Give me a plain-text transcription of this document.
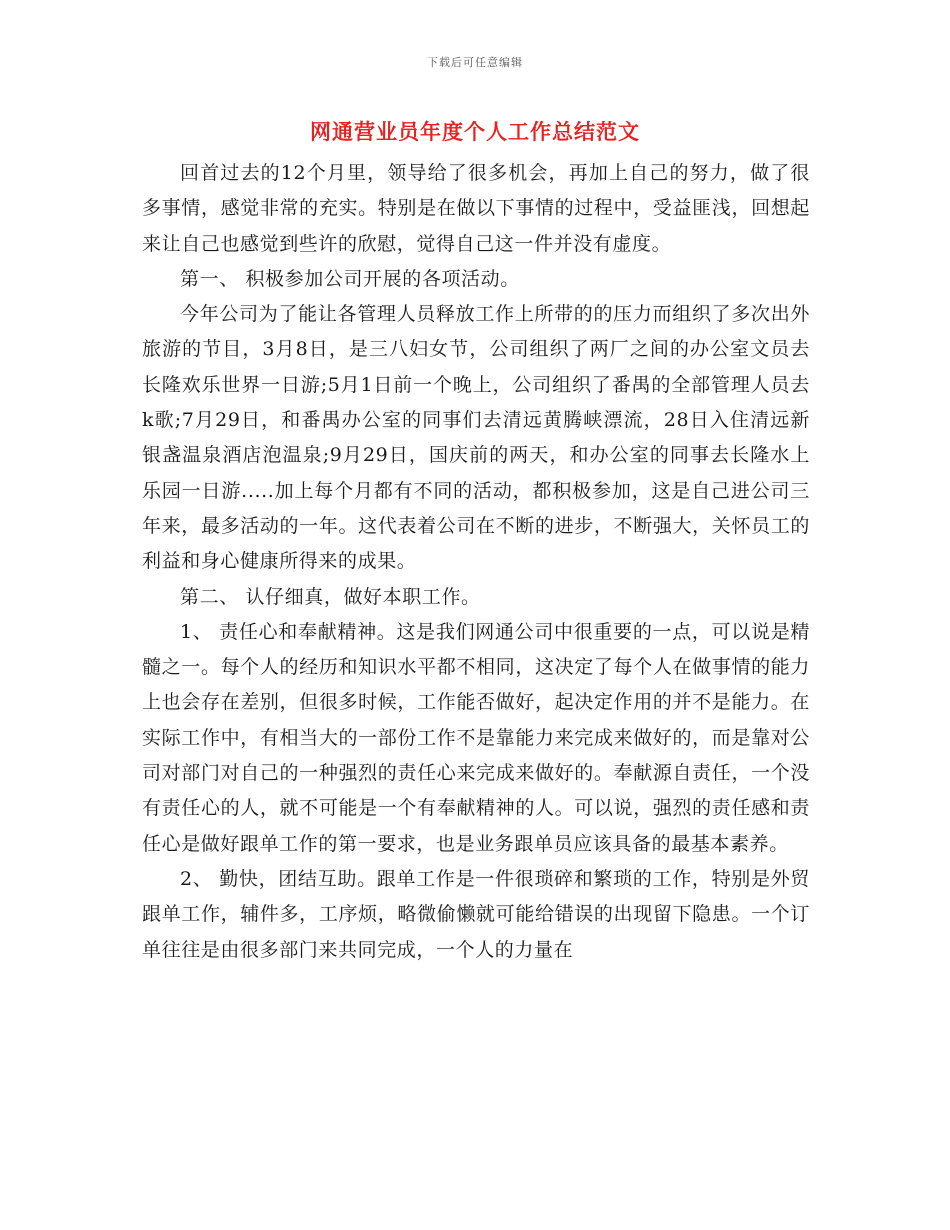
下载后可任意编辑
网通营业员年度个人工作总结范文

回首过去的12个月里，领导给了很多机会，再加上自己的努力，做了很多事情，感觉非常的充实。特别是在做以下事情的过程中，受益匪浅，回想起来让自己也感觉到些许的欣慰，觉得自己这一件并没有虚度。

第一、 积极参加公司开展的各项活动。

今年公司为了能让各管理人员释放工作上所带的的压力而组织了多次出外旅游的节目，3月8日，是三八妇女节，公司组织了两厂之间的办公室文员去长隆欢乐世界一日游;5月1日前一个晚上，公司组织了番禺的全部管理人员去k歌;7月29日，和番禺办公室的同事们去清远黄腾峡漂流，28日入住清远新银盏温泉酒店泡温泉;9月29日，国庆前的两天，和办公室的同事去长隆水上乐园一日游.....加上每个月都有不同的活动，都积极参加，这是自己进公司三年来，最多活动的一年。这代表着公司在不断的进步，不断强大，关怀员工的利益和身心健康所得来的成果。

第二、 认仔细真，做好本职工作。

1、 责任心和奉献精神。这是我们网通公司中很重要的一点，可以说是精髓之一。每个人的经历和知识水平都不相同，这决定了每个人在做事情的能力上也会存在差别，但很多时候，工作能否做好，起决定作用的并不是能力。在实际工作中，有相当大的一部份工作不是靠能力来完成来做好的，而是靠对公司对部门对自己的一种强烈的责任心来完成来做好的。奉献源自责任，一个没有责任心的人，就不可能是一个有奉献精神的人。可以说，强烈的责任感和责任心是做好跟单工作的第一要求，也是业务跟单员应该具备的最基本素养。

2、 勤快，团结互助。跟单工作是一件很琐碎和繁琐的工作，特别是外贸跟单工作，辅件多，工序烦，略微偷懒就可能给错误的出现留下隐患。一个订单往往是由很多部门来共同完成，一个人的力量在
